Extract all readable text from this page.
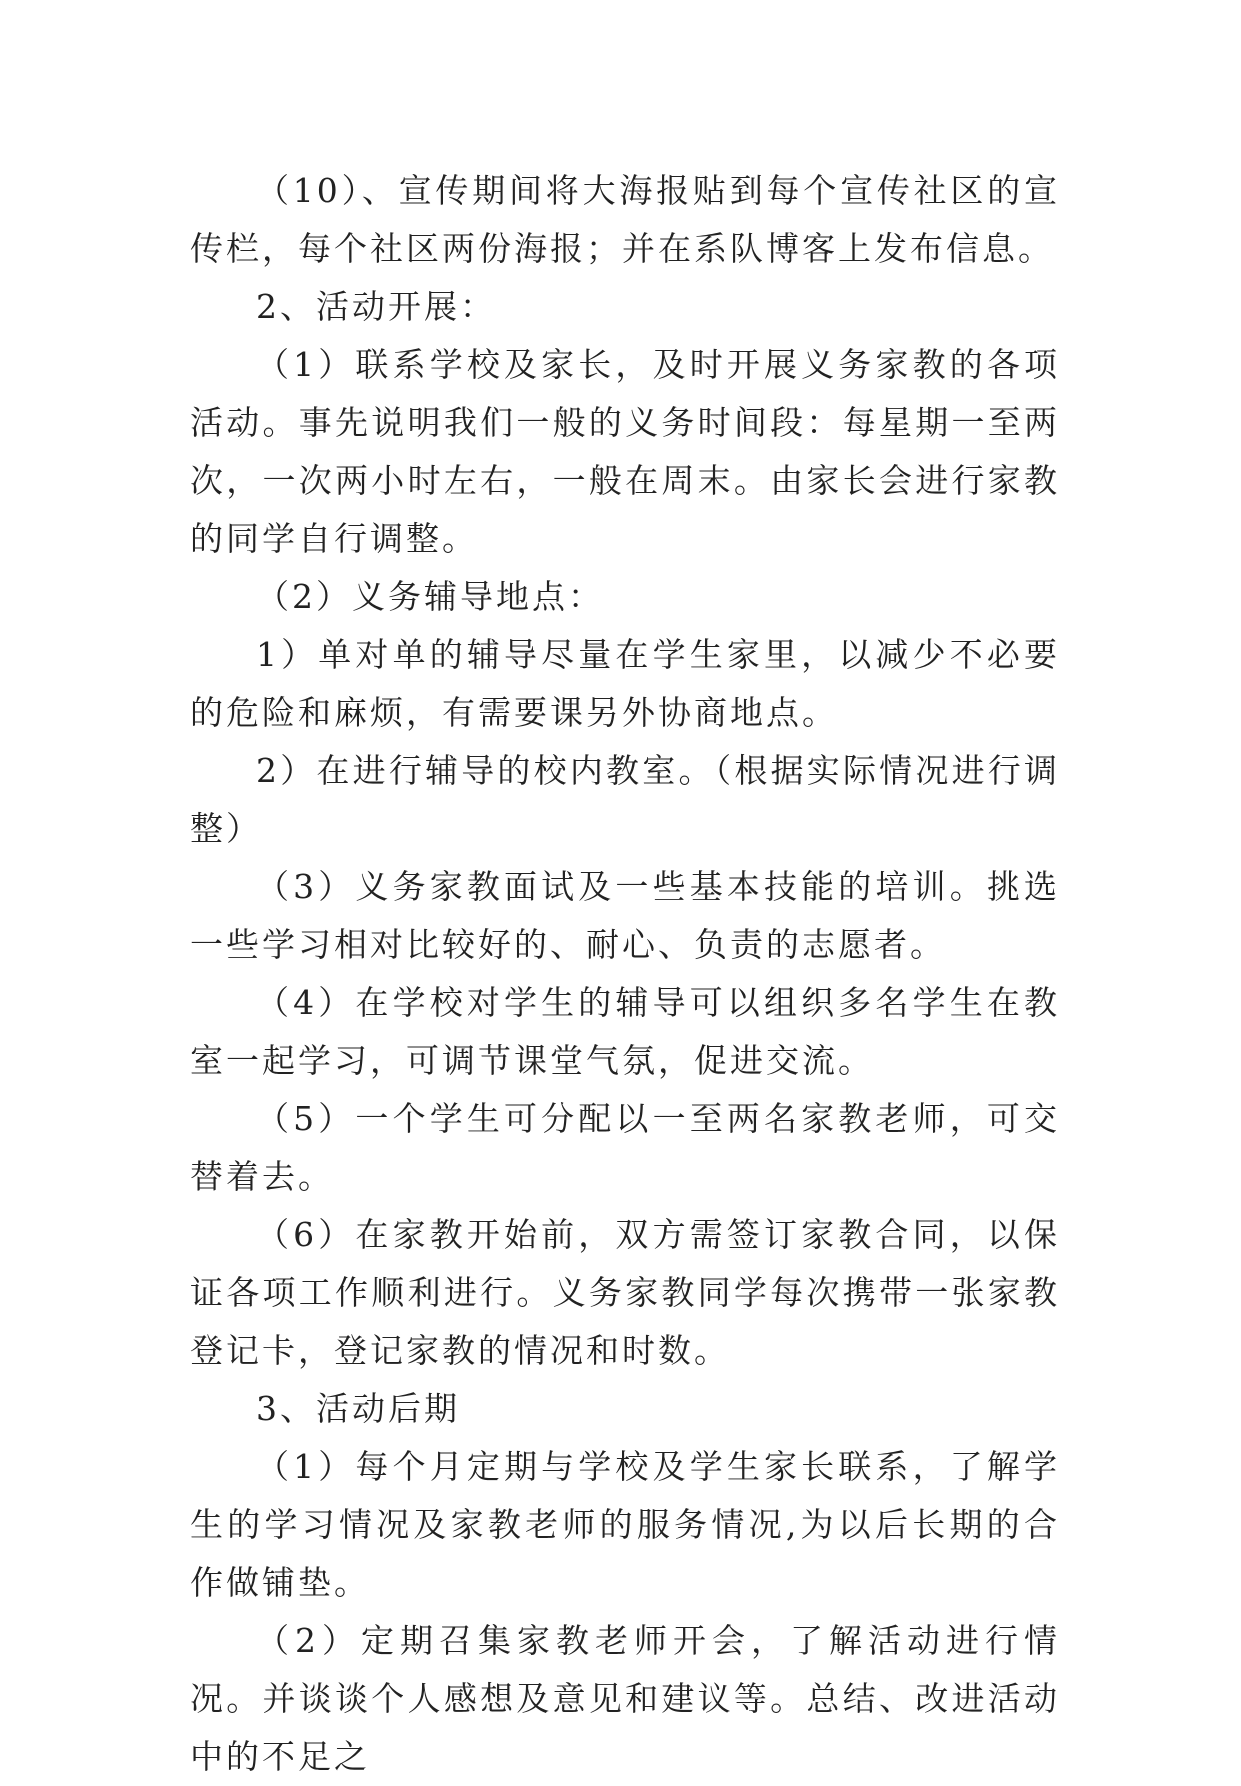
（10）、宣传期间将大海报贴到每个宣传社区的宣传栏，每个社区两份海报；并在系队博客上发布信息。

2、活动开展：

（1）联系学校及家长，及时开展义务家教的各项活动。事先说明我们一般的义务时间段：每星期一至两次，一次两小时左右，一般在周末。由家长会进行家教的同学自行调整。

（2）义务辅导地点：

1）单对单的辅导尽量在学生家里，以减少不必要的危险和麻烦，有需要课另外协商地点。

2）在进行辅导的校内教室。（根据实际情况进行调整）

（3）义务家教面试及一些基本技能的培训。挑选一些学习相对比较好的、耐心、负责的志愿者。

（4）在学校对学生的辅导可以组织多名学生在教室一起学习，可调节课堂气氛，促进交流。

（5）一个学生可分配以一至两名家教老师，可交替着去。

（6）在家教开始前，双方需签订家教合同，以保证各项工作顺利进行。义务家教同学每次携带一张家教登记卡，登记家教的情况和时数。

3、活动后期

（1）每个月定期与学校及学生家长联系，了解学生的学习情况及家教老师的服务情况,为以后长期的合作做铺垫。

（2）定期召集家教老师开会，了解活动进行情况。并谈谈个人感想及意见和建议等。总结、改进活动中的不足之
